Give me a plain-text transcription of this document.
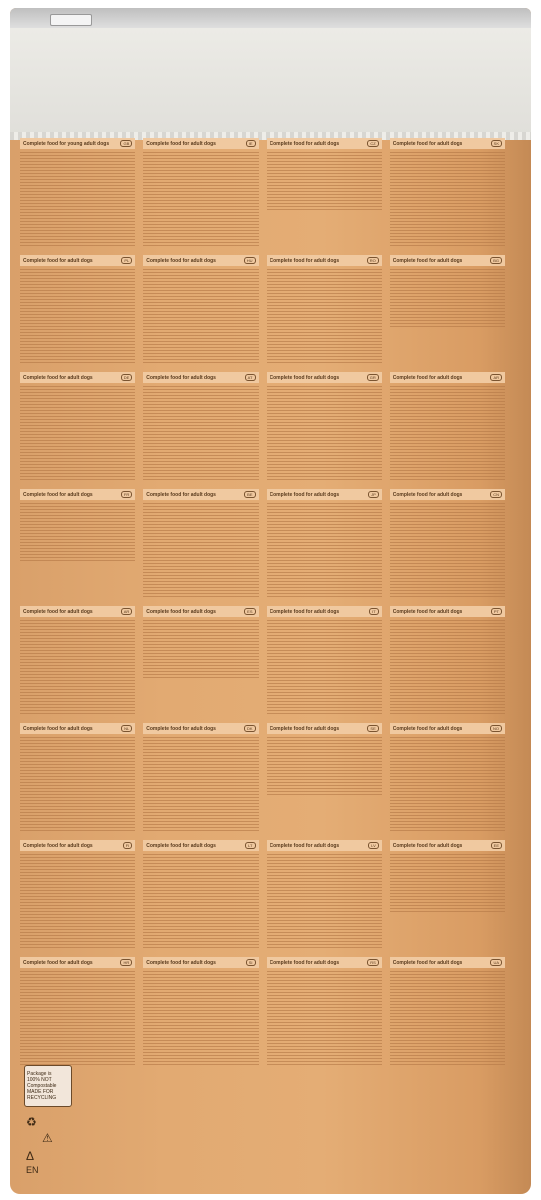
Complete food for young adult dogs	GB	Complete food for adult dogs	IE	Complete food for adult dogs	CZ	Complete food for adult dogs	SK
Complete food for adult dogs	PL	Complete food for adult dogs	HU	Complete food for adult dogs	RO	Complete food for adult dogs	BG
Complete food for adult dogs	DE	Complete food for adult dogs	AT	Complete food for adult dogs	GR	Complete food for adult dogs	AR
Complete food for adult dogs	FR	Complete food for adult dogs	BE	Complete food for adult dogs	JP	Complete food for adult dogs	CN
Complete food for adult dogs	AR	Complete food for adult dogs	ES	Complete food for adult dogs	IT	Complete food for adult dogs	PT
Complete food for adult dogs	NL	Complete food for adult dogs	DK	Complete food for adult dogs	SE	Complete food for adult dogs	NO
Complete food for adult dogs	FI	Complete food for adult dogs	LT	Complete food for adult dogs	LV	Complete food for adult dogs	EE
Complete food for adult dogs	HR	Complete food for adult dogs	SI	Complete food for adult dogs	RS	Complete food for adult dogs	UA
Package is
100% NOT
Compostable
MADE FOR
RECYCLING
♻
⚠
Δ
EN
